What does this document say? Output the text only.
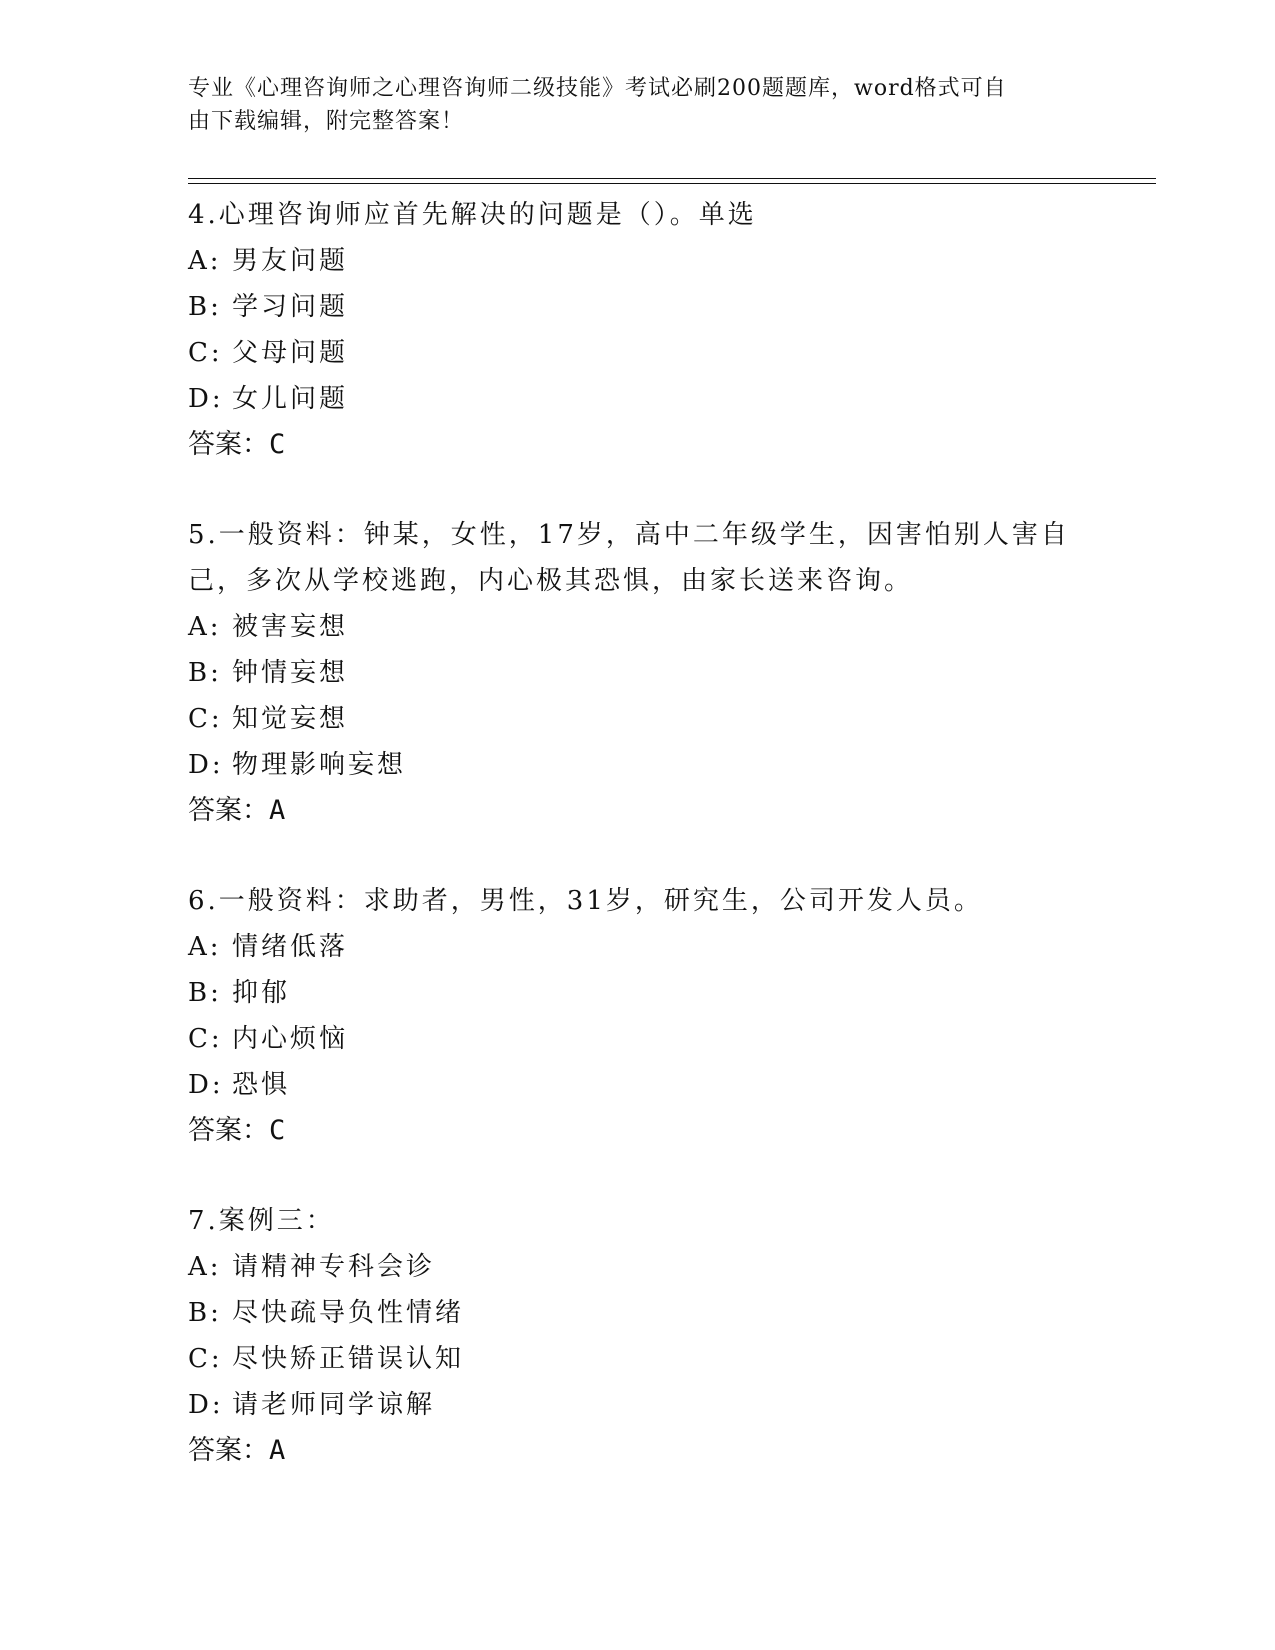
专业《心理咨询师之心理咨询师二级技能》考试必刷200题题库，word格式可自
由下载编辑，附完整答案！
4.心理咨询师应首先解决的问题是（）。单选
A: 男友问题
B: 学习问题
C: 父母问题
D: 女儿问题
答案：C
5.一般资料：钟某，女性，17岁，高中二年级学生，因害怕别人害自己，多次从学校逃跑，内心极其恐惧，由家长送来咨询。
A: 被害妄想
B: 钟情妄想
C: 知觉妄想
D: 物理影响妄想
答案：A
6.一般资料：求助者，男性，31岁，研究生，公司开发人员。
A: 情绪低落
B: 抑郁
C: 内心烦恼
D: 恐惧
答案：C
7.案例三：
A: 请精神专科会诊
B: 尽快疏导负性情绪
C: 尽快矫正错误认知
D: 请老师同学谅解
答案：A
